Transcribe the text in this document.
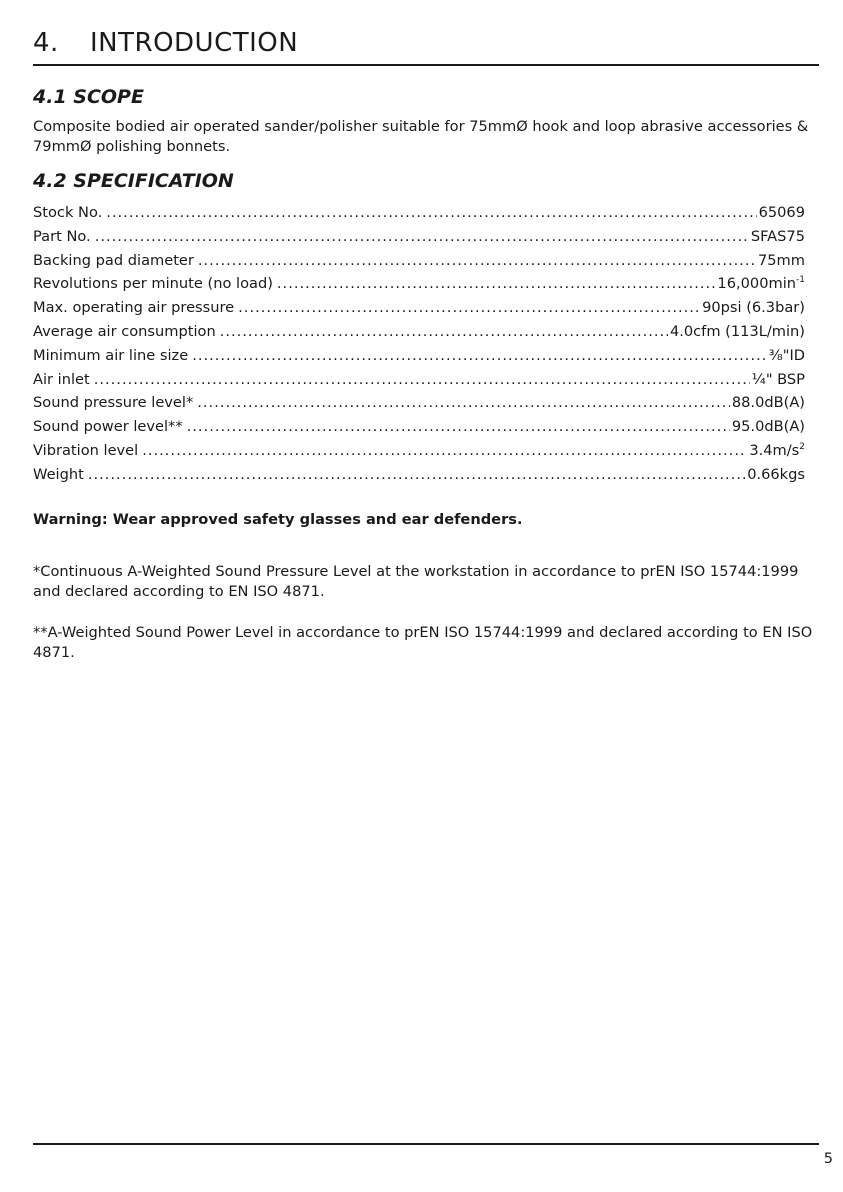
4. INTRODUCTION
4.1 SCOPE

Composite bodied air operated sander/polisher suitable for 75mmØ hook and loop abrasive accessories & 79mmØ polishing bonnets.

4.2 SPECIFICATION
Stock No. .....	65069
Part No. .....	SFAS75
Backing pad diameter .....	75mm
Revolutions per minute (no load) .....	$16,000\min^{-1}$
Max. operating air pressure .....	90psi (6.3bar)
Average air consumption .....	4.0cfm (113L/min)
Minimum air line size .....	⅜"ID
Air inlet .....	¼" BSP
Sound pressure level* .....	88.0dB(A)
Sound power level** .....	95.0dB(A)
Vibration level .....	$3.4m/s^2$
Weight .....	0.66kgs

Warning: Wear approved safety glasses and ear defenders.

*Continuous A-Weighted Sound Pressure Level at the workstation in accordance to prEN ISO 15744:1999 and declared according to EN ISO 4871.

**A-Weighted Sound Power Level in accordance to prEN ISO 15744:1999 and declared according to EN ISO 4871.

5
